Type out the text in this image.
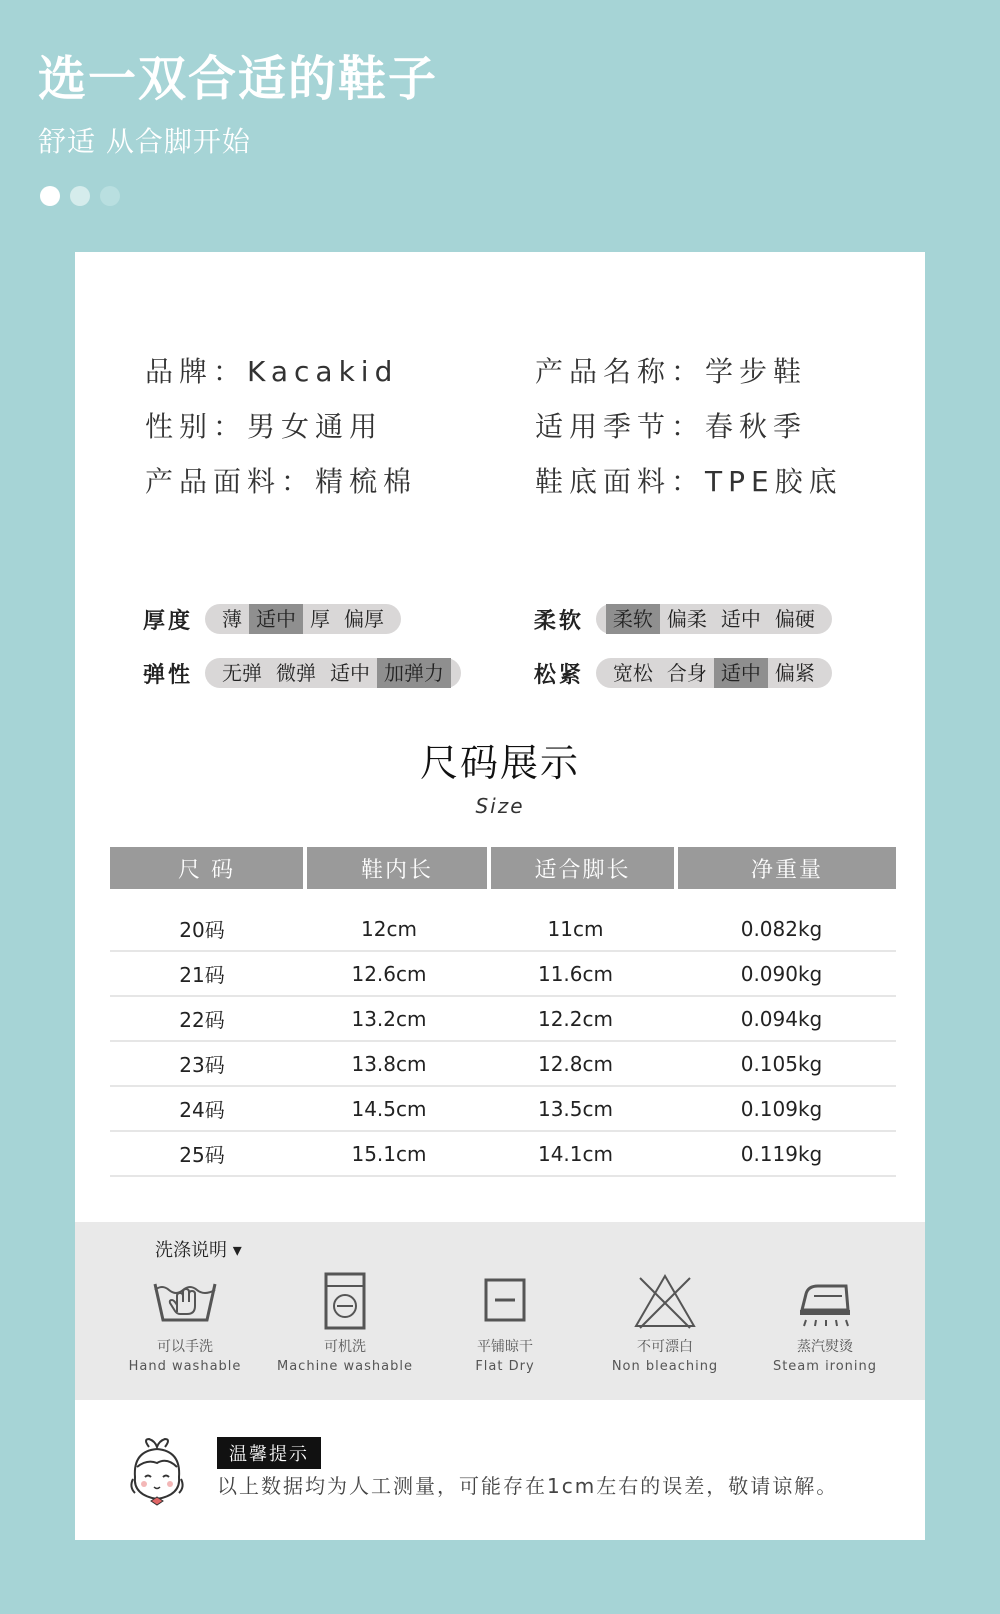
选一双合适的鞋子
舒适 从合脚开始
品牌：Kacakid	产品名称：学步鞋
性别：男女通用	适用季节：春秋季
产品面料：精梳棉	鞋底面料：TPE胶底
厚度	薄 适中 厚 偏厚	柔软	柔软 偏柔 适中 偏硬
弹性	无弹 微弹 适中 加弹力	松紧	宽松 合身 适中 偏紧
尺码展示
Size
尺 码	鞋内长	适合脚长	净重量
20码	12cm	11cm	0.082kg
21码	12.6cm	11.6cm	0.090kg
22码	13.2cm	12.2cm	0.094kg
23码	13.8cm	12.8cm	0.105kg
24码	14.5cm	13.5cm	0.109kg
25码	15.1cm	14.1cm	0.119kg
洗涤说明 ▾
可以手洗
Hand washable
可机洗
Machine washable
平铺晾干
Flat Dry
不可漂白
Non bleaching
蒸汽熨烫
Steam ironing
温馨提示
以上数据均为人工测量，可能存在1cm左右的误差，敬请谅解。
